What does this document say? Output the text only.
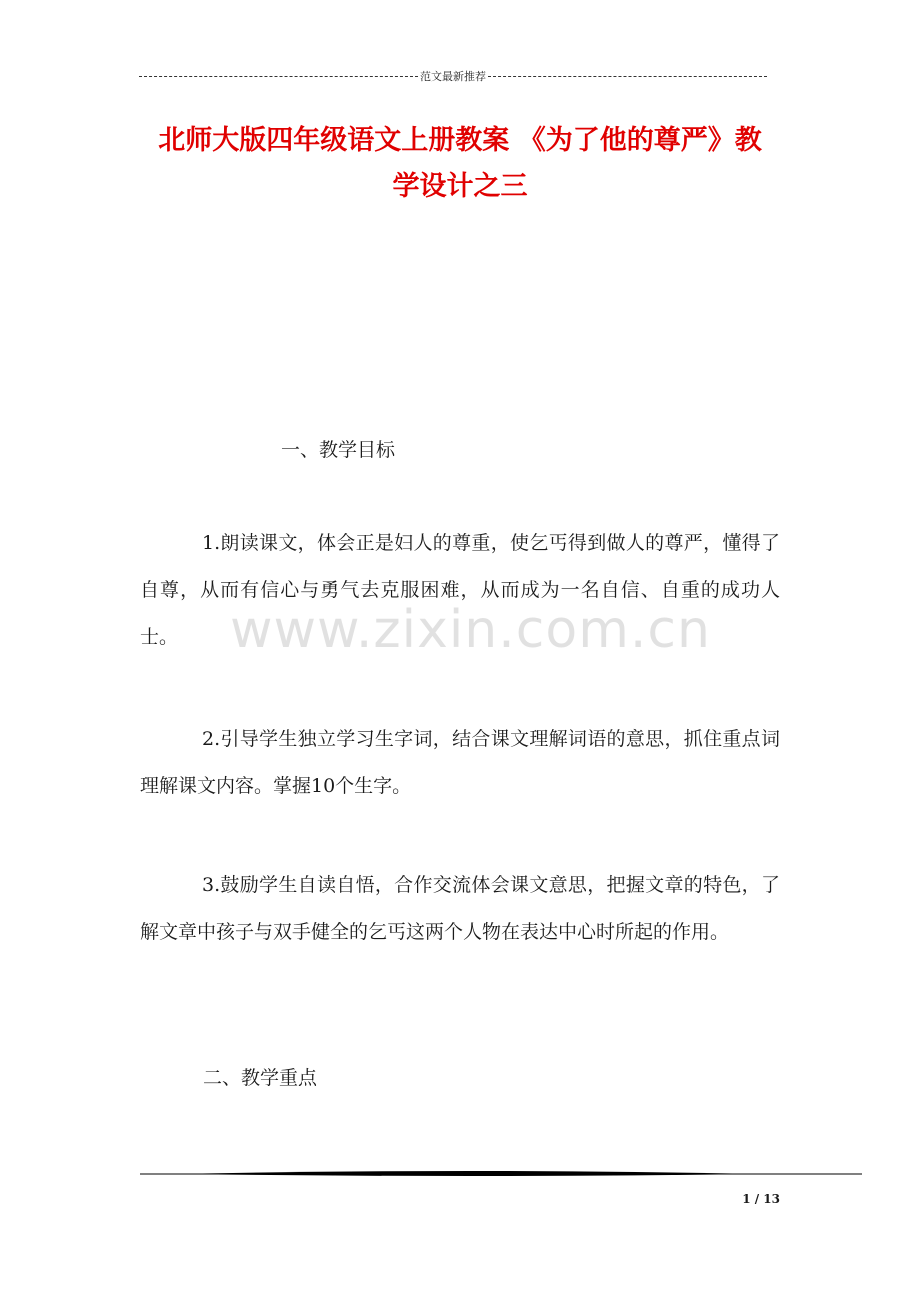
范文最新推荐
北师大版四年级语文上册教案 《为了他的尊严》教
学设计之三
www.zixin.com.cn
一、教学目标
1.朗读课文，体会正是妇人的尊重，使乞丐得到做人的尊严，懂得了自尊，从而有信心与勇气去克服困难，从而成为一名自信、自重的成功人士。
2.引导学生独立学习生字词，结合课文理解词语的意思，抓住重点词理解课文内容。掌握10个生字。
3.鼓励学生自读自悟，合作交流体会课文意思，把握文章的特色，了解文章中孩子与双手健全的乞丐这两个人物在表达中心时所起的作用。
二、教学重点
1 / 13
